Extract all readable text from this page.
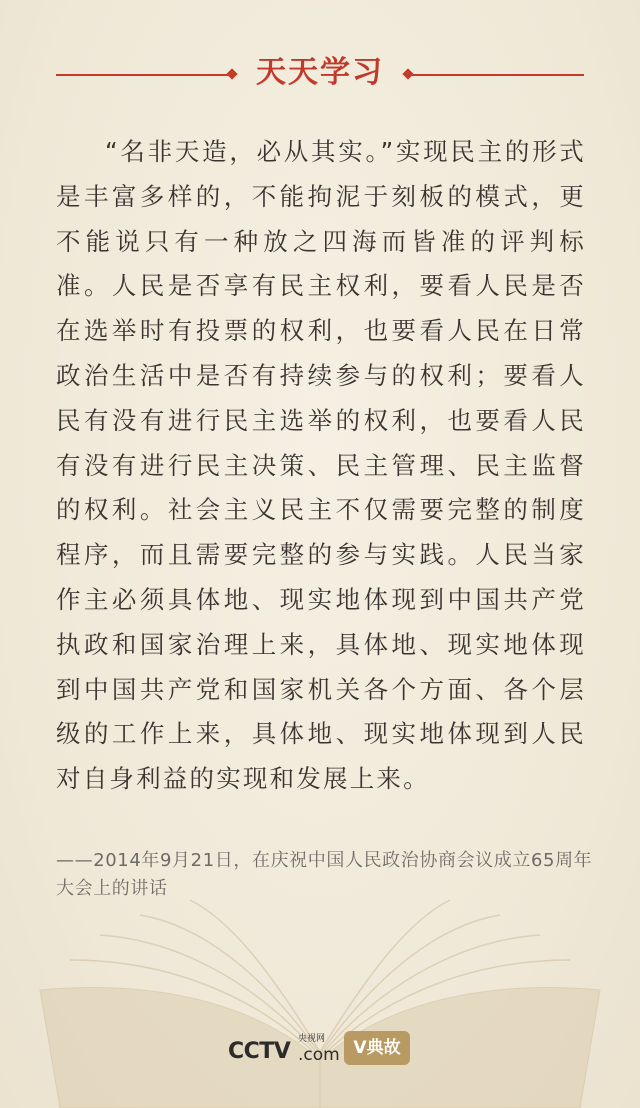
天天学习

“名非天造，必从其实。”实现民主的形式是丰富多样的，不能拘泥于刻板的模式，更不能说只有一种放之四海而皆准的评判标准。人民是否享有民主权利，要看人民是否在选举时有投票的权利，也要看人民在日常政治生活中是否有持续参与的权利；要看人民有没有进行民主选举的权利，也要看人民有没有进行民主决策、民主管理、民主监督的权利。社会主义民主不仅需要完整的制度程序，而且需要完整的参与实践。人民当家作主必须具体地、现实地体现到中国共产党执政和国家治理上来，具体地、现实地体现到中国共产党和国家机关各个方面、各个层级的工作上来，具体地、现实地体现到人民对自身利益的实现和发展上来。

——2014年9月21日，在庆祝中国人民政治协商会议成立65周年大会上的讲话

CCTV 央视网
.com V典故
